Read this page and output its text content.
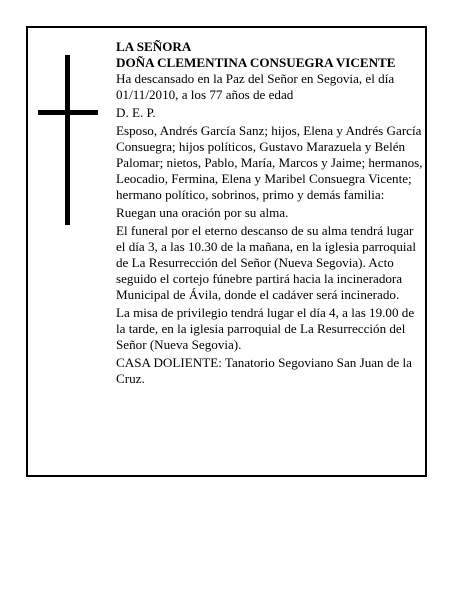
LA SEÑORA

DOÑA CLEMENTINA CONSUEGRA VICENTE

Ha descansado en la Paz del Señor en Segovia, el día 01/11/2010, a los 77 años de edad

D. E. P.

Esposo, Andrés García Sanz; hijos, Elena y Andrés García Consuegra; hijos políticos, Gustavo Marazuela y Belén Palomar; nietos, Pablo, María, Marcos y Jaime; hermanos, Leocadio, Fermina, Elena y Maribel Consuegra Vicente; hermano político, sobrinos, primo y demás familia:

Ruegan una oración por su alma.

El funeral por el eterno descanso de su alma tendrá lugar el día 3, a las 10.30 de la mañana, en la iglesia parroquial de La Resurrección del Señor (Nueva Segovia). Acto seguido el cortejo fúnebre partirá hacia la incineradora Municipal de Ávila, donde el cadáver será incinerado.

La misa de privilegio tendrá lugar el día 4, a las 19.00 de la tarde, en la iglesia parroquial de La Resurrección del Señor (Nueva Segovia).

CASA DOLIENTE: Tanatorio Segoviano San Juan de la Cruz.
